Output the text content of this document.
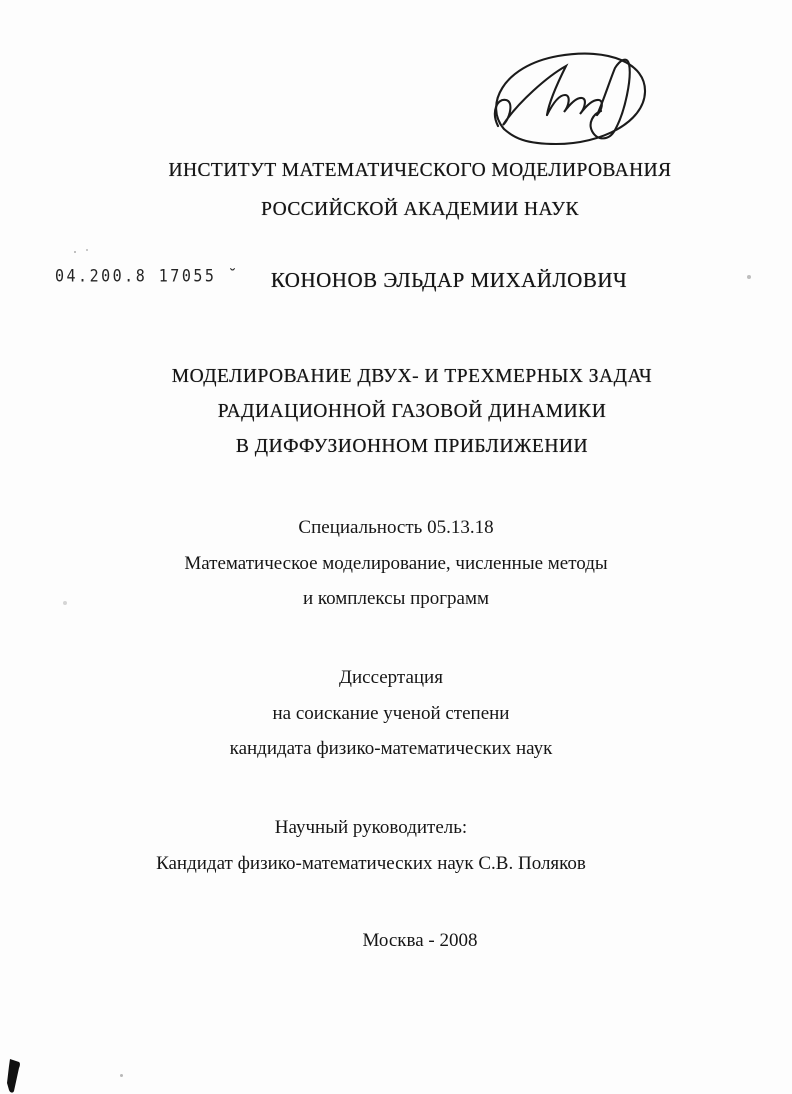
ИНСТИТУТ МАТЕМАТИЧЕСКОГО МОДЕЛИРОВАНИЯ
РОССИЙСКОЙ АКАДЕМИИ НАУК
04.200.8 17055 ˘	КОНОНОВ ЭЛЬДАР МИХАЙЛОВИЧ
МОДЕЛИРОВАНИЕ ДВУХ- И ТРЕХМЕРНЫХ ЗАДАЧ
РАДИАЦИОННОЙ ГАЗОВОЙ ДИНАМИКИ
В ДИФФУЗИОННОМ ПРИБЛИЖЕНИИ
Специальность 05.13.18
Математическое моделирование, численные методы
и комплексы программ
Диссертация
на соискание ученой степени
кандидата физико-математических наук
Научный руководитель:
Кандидат физико-математических наук С.В. Поляков
Москва - 2008
